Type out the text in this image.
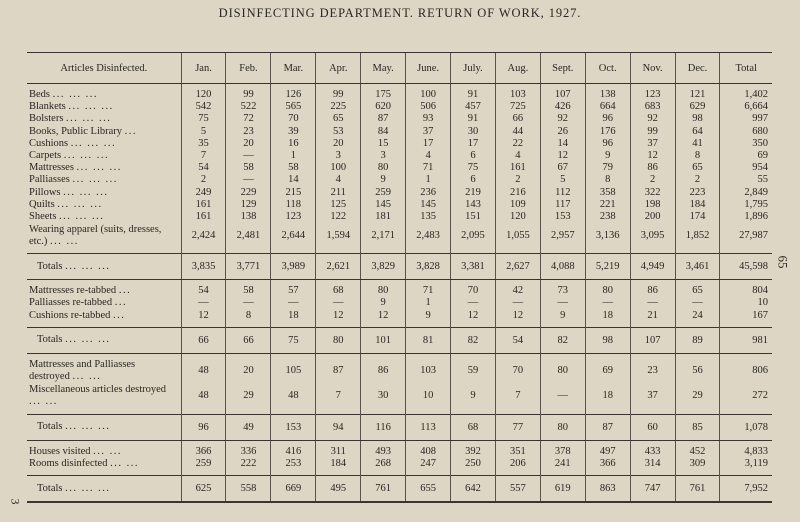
DISINFECTING DEPARTMENT. RETURN OF WORK, 1927.
65
3
Articles Disinfected.	Jan.	Feb.	Mar.	Apr.	May.	June.	July.	Aug.	Sept.	Oct.	Nov.	Dec.	Total
Beds ... ... ...	120	99	126	99	175	100	91	103	107	138	123	121	1,402
Blankets ... ... ...	542	522	565	225	620	506	457	725	426	664	683	629	6,664
Bolsters ... ... ...	75	72	70	65	87	93	91	66	92	96	92	98	997
Books, Public Library ...	5	23	39	53	84	37	30	44	26	176	99	64	680
Cushions ... ... ...	35	20	16	20	15	17	17	22	14	96	37	41	350
Carpets ... ... ...	7	—	1	3	3	4	6	4	12	9	12	8	69
Mattresses ... ... ...	54	58	58	100	80	71	75	161	67	79	86	65	954
Palliasses ... ... ...	2	—	14	4	9	1	6	2	5	8	2	2	55
Pillows ... ... ...	249	229	215	211	259	236	219	216	112	358	322	223	2,849
Quilts ... ... ...	161	129	118	125	145	145	143	109	117	221	198	184	1,795
Sheets ... ... ...	161	138	123	122	181	135	151	120	153	238	200	174	1,896
Wearing apparel (suits, dresses, etc.) ... ...	2,424	2,481	2,644	1,594	2,171	2,483	2,095	1,055	2,957	3,136	3,095	1,852	27,987
Totals ... ... ...	3,835	3,771	3,989	2,621	3,829	3,828	3,381	2,627	4,088	5,219	4,949	3,461	45,598
Mattresses re-tabbed ...	54	58	57	68	80	71	70	42	73	80	86	65	804
Palliasses re-tabbed ...	—	—	—	—	9	1	—	—	—	—	—	—	10
Cushions re-tabbed ...	12	8	18	12	12	9	12	12	9	18	21	24	167
Totals ... ... ...	66	66	75	80	101	81	82	54	82	98	107	89	981
Mattresses and Palliasses destroyed ... ...	48	20	105	87	86	103	59	70	80	69	23	56	806
Miscellaneous articles destroyed ... ...	48	29	48	7	30	10	9	7	—	18	37	29	272
Totals ... ... ...	96	49	153	94	116	113	68	77	80	87	60	85	1,078
Houses visited ... ...	366	336	416	311	493	408	392	351	378	497	433	452	4,833
Rooms disinfected ... ...	259	222	253	184	268	247	250	206	241	366	314	309	3,119
Totals ... ... ...	625	558	669	495	761	655	642	557	619	863	747	761	7,952
